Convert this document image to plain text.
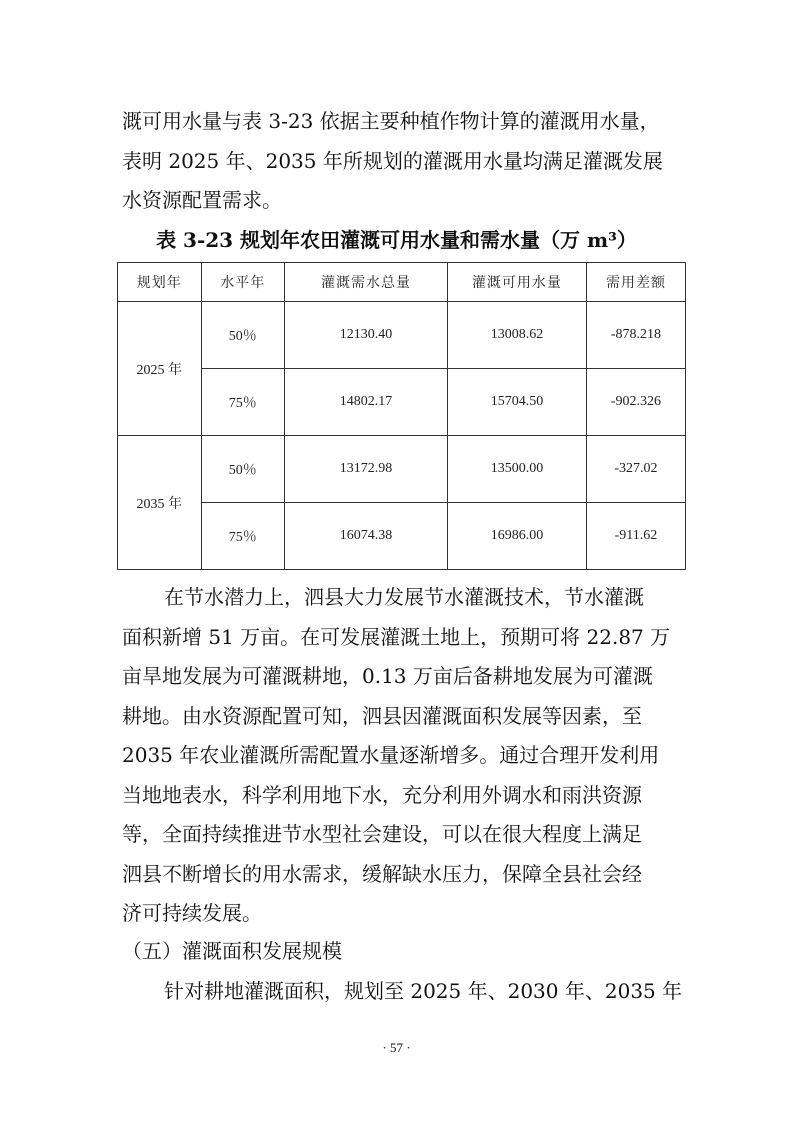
溉可用水量与表 3-23 依据主要种植作物计算的灌溉用水量，
表明 2025 年、2035 年所规划的灌溉用水量均满足灌溉发展
水资源配置需求。
表 3-23 规划年农田灌溉可用水量和需水量（万 m³）
规划年	水平年	灌溉需水总量	灌溉可用水量	需用差额
2025 年	50％	12130.40	13008.62	-878.218
	75％	14802.17	15704.50	-902.326
2035 年	50％	13172.98	13500.00	-327.02
	75％	16074.38	16986.00	-911.62
在节水潜力上，泗县大力发展节水灌溉技术，节水灌溉
面积新增 51 万亩。在可发展灌溉土地上，预期可将 22.87 万
亩旱地发展为可灌溉耕地，0.13 万亩后备耕地发展为可灌溉
耕地。由水资源配置可知，泗县因灌溉面积发展等因素，至
2035 年农业灌溉所需配置水量逐渐增多。通过合理开发利用
当地地表水，科学利用地下水，充分利用外调水和雨洪资源
等，全面持续推进节水型社会建设，可以在很大程度上满足
泗县不断增长的用水需求，缓解缺水压力，保障全县社会经
济可持续发展。
（五）灌溉面积发展规模
针对耕地灌溉面积，规划至 2025 年、2030 年、2035 年
· 57 ·
